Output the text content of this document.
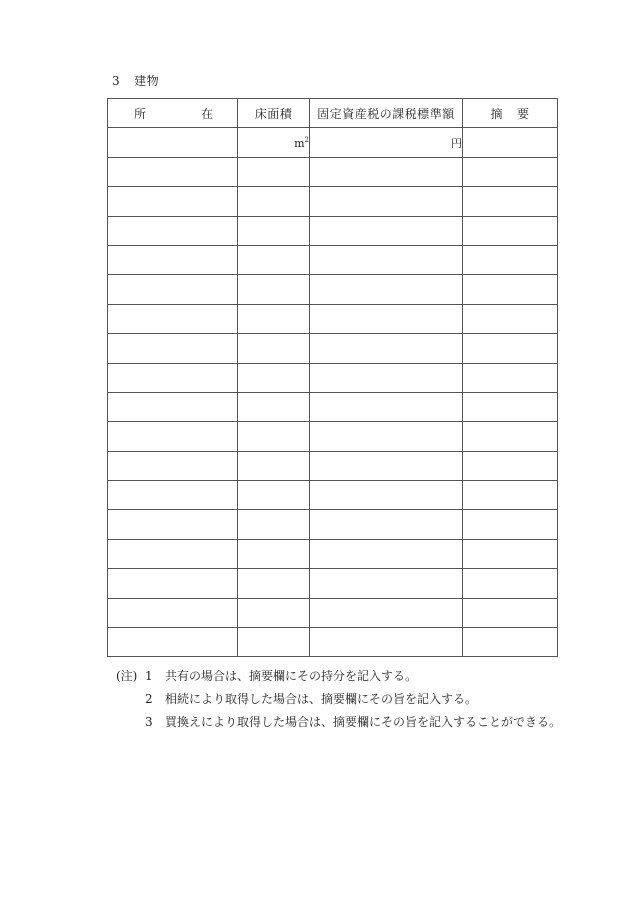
3 建物
所 在	床面積	固定資産税の課税標準額	摘 要
	$m^2$	円	

(注) 1	共有の場合は、摘要欄にその持分を記入する。
2	相続により取得した場合は、摘要欄にその旨を記入する。
3	買換えにより取得した場合は、摘要欄にその旨を記入することができる。
